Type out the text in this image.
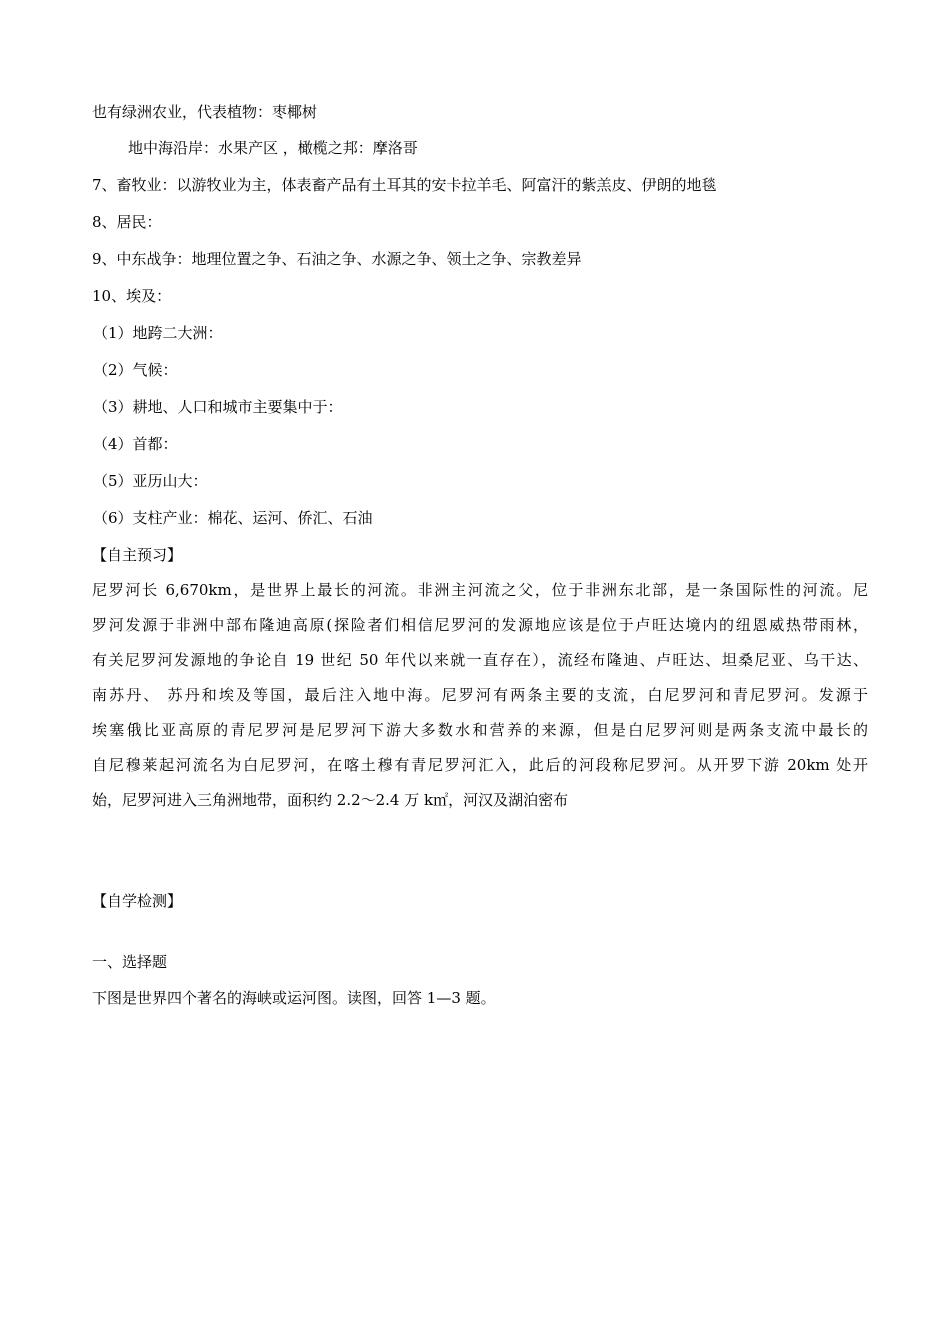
也有绿洲农业，代表植物：枣椰树
地中海沿岸：水果产区 ，橄榄之邦：摩洛哥
7、畜牧业：以游牧业为主，体表畜产品有土耳其的安卡拉羊毛、阿富汗的紫羔皮、伊朗的地毯
8、居民：
9、中东战争：地理位置之争、石油之争、水源之争、领土之争、宗教差异
10、埃及：
（1）地跨二大洲：
（2）气候：
（3）耕地、人口和城市主要集中于：
（4）首都：
（5）亚历山大：
（6）支柱产业：棉花、运河、侨汇、石油
【自主预习】
尼罗河长 6,670km，是世界上最长的河流。非洲主河流之父，位于非洲东北部，是一条国际性的河流。尼
罗河发源于非洲中部布隆迪高原(探险者们相信尼罗河的发源地应该是位于卢旺达境内的纽恩威热带雨林，
有关尼罗河发源地的争论自 19 世纪 50 年代以来就一直存在），流经布隆迪、卢旺达、坦桑尼亚、乌干达、
南苏丹、 苏丹和埃及等国，最后注入地中海。尼罗河有两条主要的支流，白尼罗河和青尼罗河。发源于
埃塞俄比亚高原的青尼罗河是尼罗河下游大多数水和营养的来源，但是白尼罗河则是两条支流中最长的
自尼穆莱起河流名为白尼罗河，在喀土穆有青尼罗河汇入，此后的河段称尼罗河。从开罗下游 20km 处开
始，尼罗河进入三角洲地带，面积约 2.2～2.4 万 k㎡，河汉及湖泊密布
【自学检测】
一、选择题
下图是世界四个著名的海峡或运河图。读图，回答 1—3 题。
